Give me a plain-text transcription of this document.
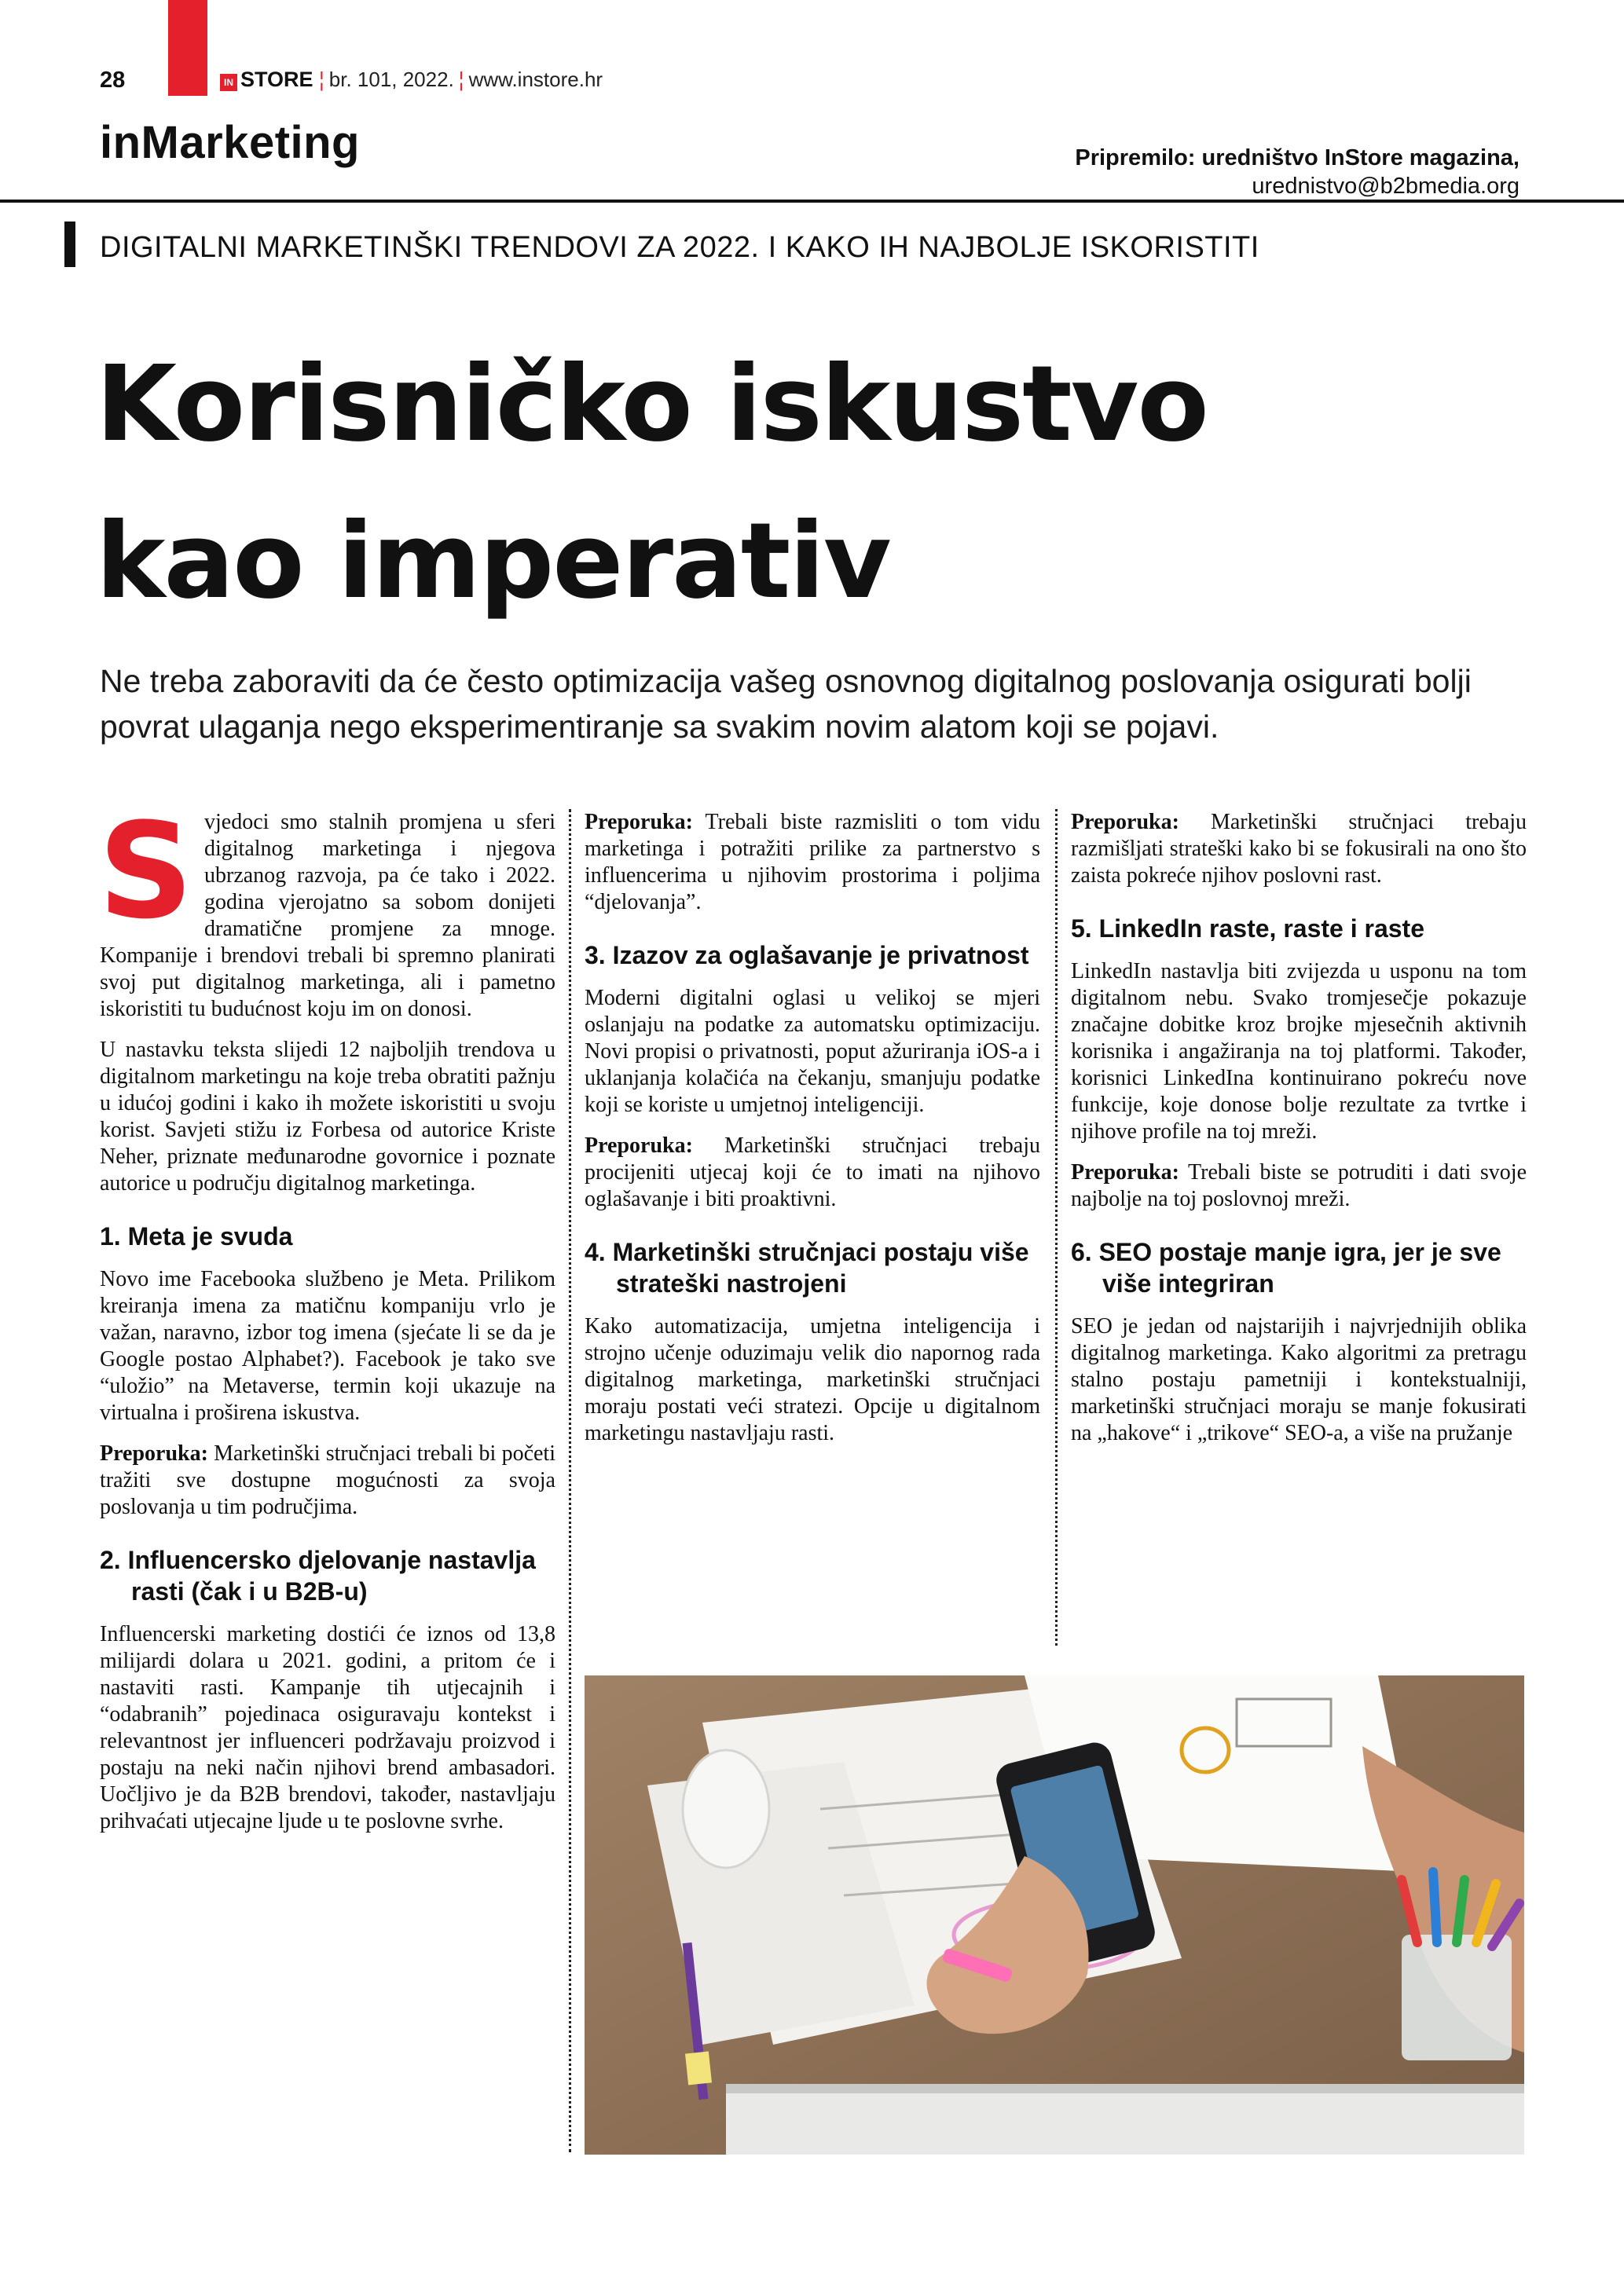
28	IN STORE ¦ br. 101, 2022. ¦ www.instore.hr
inMarketing	Pripremilo: uredništvo InStore magazina,
urednistvo@b2bmedia.org
DIGITALNI MARKETINŠKI TRENDOVI ZA 2022. I KAKO IH NAJBOLJE ISKORISTITI
Korisničko iskustvo
kao imperativ
Ne treba zaboraviti da će često optimizacija vašeg osnovnog digitalnog poslovanja osigurati bolji povrat ulaganja nego eksperimentiranje sa svakim novim alatom koji se pojavi.

Svjedoci smo stalnih promjena u sferi digitalnog marketinga i njegova ubrzanog razvoja, pa će tako i 2022. godina vjerojatno sa sobom donijeti dramatične promjene za mnoge. Kompanije i brendovi trebali bi spremno planirati svoj put digitalnog marketinga, ali i pametno iskoristiti tu budućnost koju im on donosi.

U nastavku teksta slijedi 12 najboljih trendova u digitalnom marketingu na koje treba obratiti pažnju u idućoj godini i kako ih možete iskoristiti u svoju korist. Savjeti stižu iz Forbesa od autorice Kriste Neher, priznate međunarodne govornice i poznate autorice u području digitalnog marketinga.

1. Meta je svuda

Novo ime Facebooka službeno je Meta. Prilikom kreiranja imena za matičnu kompaniju vrlo je važan, naravno, izbor tog imena (sjećate li se da je Google postao Alphabet?). Facebook je tako sve “uložio” na Metaverse, termin koji ukazuje na virtualna i proširena iskustva.

Preporuka: Marketinški stručnjaci trebali bi početi tražiti sve dostupne mogućnosti za svoja poslovanja u tim područjima.

2. Influencersko djelovanje nastavlja rasti (čak i u B2B-u)

Influencerski marketing dostići će iznos od 13,8 milijardi dolara u 2021. godini, a pritom će i nastaviti rasti. Kampanje tih utjecajnih i “odabranih” pojedinaca osiguravaju kontekst i relevantnost jer influenceri podržavaju proizvod i postaju na neki način njihovi brend ambasadori. Uočljivo je da B2B brendovi, također, nastavljaju prihvaćati utjecajne ljude u te poslovne svrhe.

Preporuka: Trebali biste razmisliti o tom vidu marketinga i potražiti prilike za partnerstvo s influencerima u njihovim prostorima i poljima “djelovanja”.

3. Izazov za oglašavanje je privatnost

Moderni digitalni oglasi u velikoj se mjeri oslanjaju na podatke za automatsku optimizaciju. Novi propisi o privatnosti, poput ažuriranja iOS-a i uklanjanja kolačića na čekanju, smanjuju podatke koji se koriste u umjetnoj inteligenciji.

Preporuka: Marketinški stručnjaci trebaju procijeniti utjecaj koji će to imati na njihovo oglašavanje i biti proaktivni.

4. Marketinški stručnjaci postaju više strateški nastrojeni

Kako automatizacija, umjetna inteligencija i strojno učenje oduzimaju velik dio napornog rada digitalnog marketinga, marketinški stručnjaci moraju postati veći stratezi. Opcije u digitalnom marketingu nastavljaju rasti.

Preporuka: Marketinški stručnjaci trebaju razmišljati strateški kako bi se fokusirali na ono što zaista pokreće njihov poslovni rast.

5. LinkedIn raste, raste i raste

LinkedIn nastavlja biti zvijezda u usponu na tom digitalnom nebu. Svako tromjesečje pokazuje značajne dobitke kroz brojke mjesečnih aktivnih korisnika i angažiranja na toj platformi. Također, korisnici LinkedIna kontinuirano pokreću nove funkcije, koje donose bolje rezultate za tvrtke i njihove profile na toj mreži.

Preporuka: Trebali biste se potruditi i dati svoje najbolje na toj poslovnoj mreži.

6. SEO postaje manje igra, jer je sve više integriran

SEO je jedan od najstarijih i najvrjednijih oblika digitalnog marketinga. Kako algoritmi za pretragu stalno postaju pametniji i kontekstualniji, marketinški stručnjaci moraju se manje fokusirati na „hakove“ i „trikove“ SEO-a, a više na pružanje
